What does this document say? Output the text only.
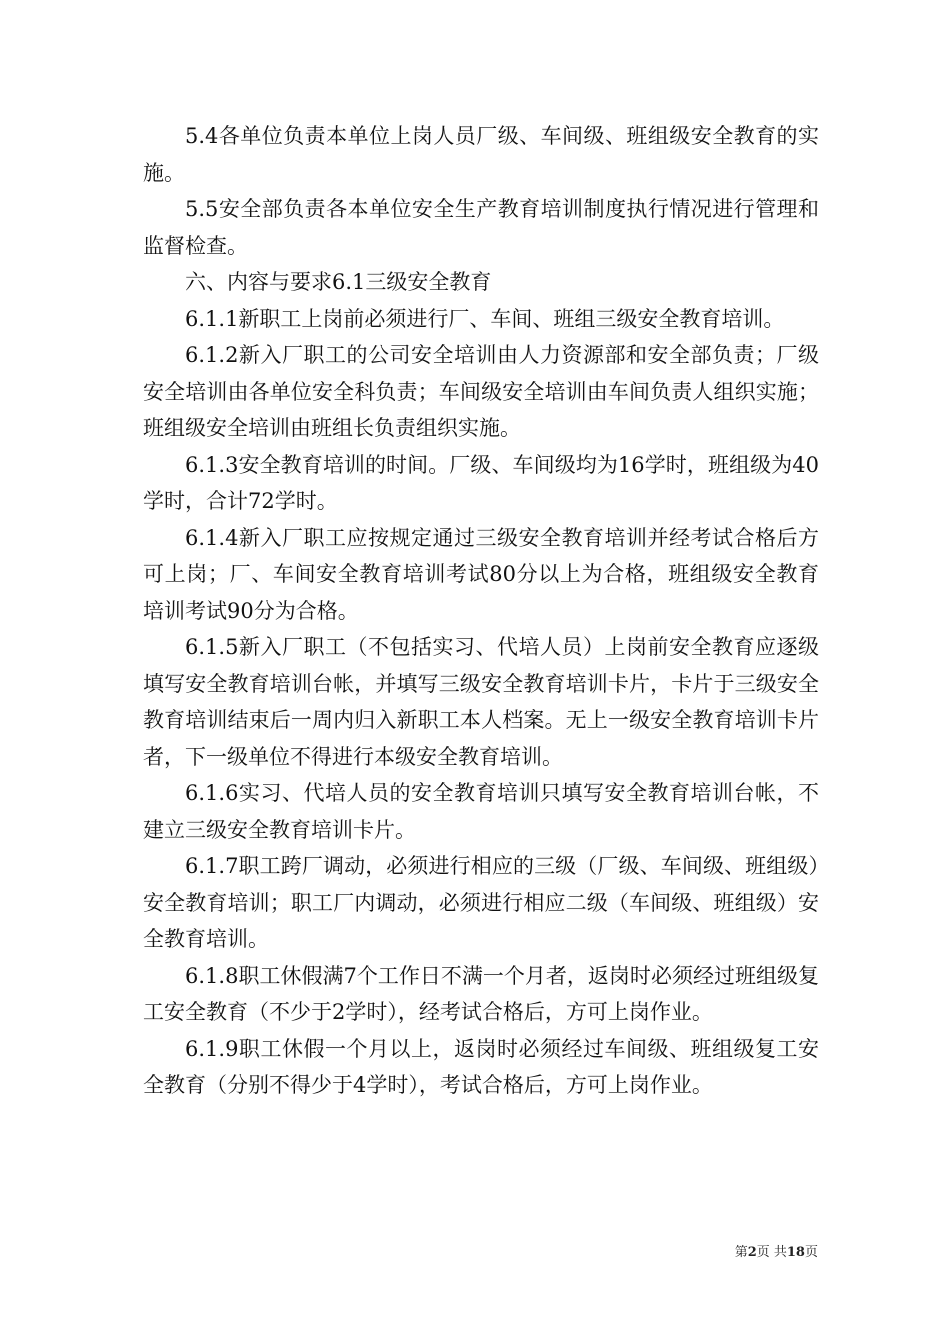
5.4各单位负责本单位上岗人员厂级、车间级、班组级安全教育的实施。

5.5安全部负责各本单位安全生产教育培训制度执行情况进行管理和监督检查。

六、内容与要求6.1三级安全教育

6.1.1新职工上岗前必须进行厂、车间、班组三级安全教育培训。

6.1.2新入厂职工的公司安全培训由人力资源部和安全部负责；厂级安全培训由各单位安全科负责；车间级安全培训由车间负责人组织实施；班组级安全培训由班组长负责组织实施。

6.1.3安全教育培训的时间。厂级、车间级均为16学时，班组级为40学时，合计72学时。

6.1.4新入厂职工应按规定通过三级安全教育培训并经考试合格后方可上岗；厂、车间安全教育培训考试80分以上为合格，班组级安全教育培训考试90分为合格。

6.1.5新入厂职工（不包括实习、代培人员）上岗前安全教育应逐级填写安全教育培训台帐，并填写三级安全教育培训卡片，卡片于三级安全教育培训结束后一周内归入新职工本人档案。无上一级安全教育培训卡片者，下一级单位不得进行本级安全教育培训。

6.1.6实习、代培人员的安全教育培训只填写安全教育培训台帐，不建立三级安全教育培训卡片。

6.1.7职工跨厂调动，必须进行相应的三级（厂级、车间级、班组级）安全教育培训；职工厂内调动，必须进行相应二级（车间级、班组级）安全教育培训。

6.1.8职工休假满7个工作日不满一个月者，返岗时必须经过班组级复工安全教育（不少于2学时），经考试合格后，方可上岗作业。

6.1.9职工休假一个月以上，返岗时必须经过车间级、班组级复工安全教育（分别不得少于4学时），考试合格后，方可上岗作业。

第2页 共18页
